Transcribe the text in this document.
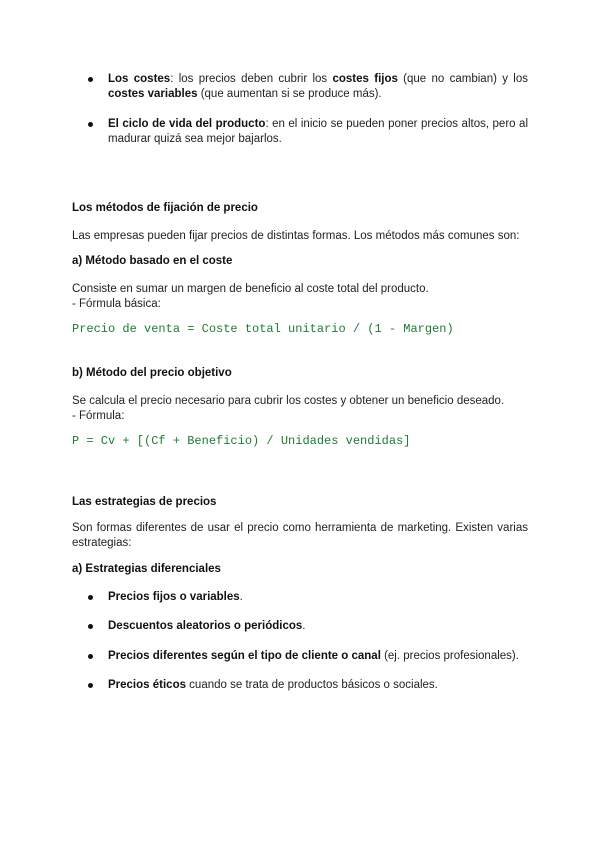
Los costes: los precios deben cubrir los costes fijos (que no cambian) y los costes variables (que aumentan si se produce más).
El ciclo de vida del producto: en el inicio se pueden poner precios altos, pero al madurar quizá sea mejor bajarlos.
Los métodos de fijación de precio
Las empresas pueden fijar precios de distintas formas. Los métodos más comunes son:
a) Método basado en el coste
Consiste en sumar un margen de beneficio al coste total del producto.
- Fórmula básica:
Precio de venta = Coste total unitario / (1 - Margen)
b) Método del precio objetivo
Se calcula el precio necesario para cubrir los costes y obtener un beneficio deseado.
- Fórmula:
P = Cv + [(Cf + Beneficio) / Unidades vendidas]
Las estrategias de precios
Son formas diferentes de usar el precio como herramienta de marketing. Existen varias estrategias:
a) Estrategias diferenciales
Precios fijos o variables.
Descuentos aleatorios o periódicos.
Precios diferentes según el tipo de cliente o canal (ej. precios profesionales).
Precios éticos cuando se trata de productos básicos o sociales.
